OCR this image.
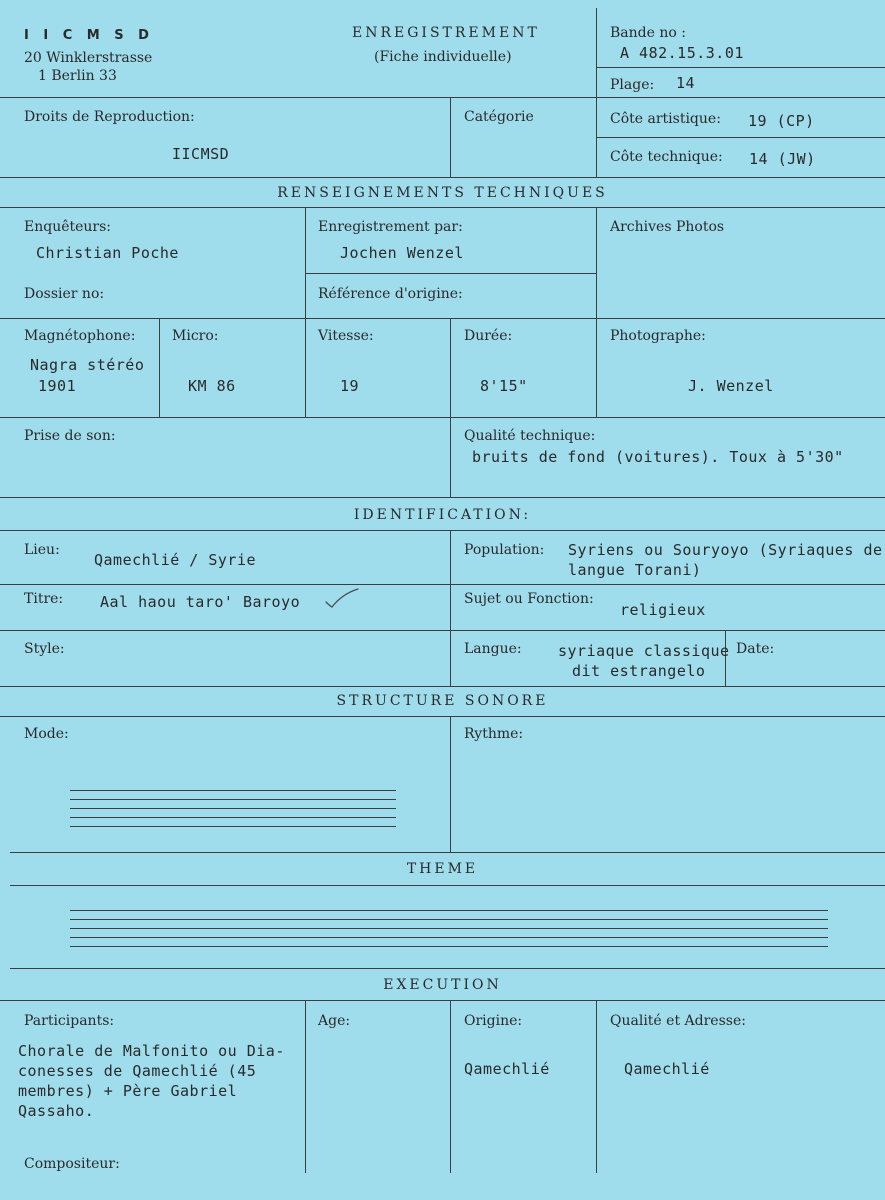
I I C M S D
20 Winklerstrasse
1 Berlin 33
ENREGISTREMENT
(Fiche individuelle)
Bande no :
A 482.15.3.01
Plage: 14
Droits de Reproduction:
IICMSD
Catégorie	Côte artistique: 19 (CP)
Côte technique: 14 (JW)
RENSEIGNEMENTS TECHNIQUES
Enquêteurs:
Christian Poche
Enregistrement par:
Jochen Wenzel
Archives Photos
Dossier no:	Référence d'origine:
Magnétophone:
Nagra stéréo
1901
Micro:
KM 86
Vitesse:
19
Durée:
8'15"
Photographe:
J. Wenzel
Prise de son:	Qualité technique:
bruits de fond (voitures). Toux à 5'30"
IDENTIFICATION:
Lieu:
Qamechlié / Syrie
Population: Syriens ou Souryoyo (Syriaques de
langue Torani)
Titre: Aal haou taro' Baroyo	Sujet ou Fonction:
religieux
Style:	Langue: syriaque classique
dit estrangelo
Date:
STRUCTURE SONORE
Mode:	Rythme:
THEME
EXECUTION
Participants:
Chorale de Malfonito ou Dia-
conesses de Qamechlié (45
membres) + Père Gabriel
Qassaho.
Age:	Origine:
Qamechlié
Qualité et Adresse:
Qamechlié
Compositeur:
